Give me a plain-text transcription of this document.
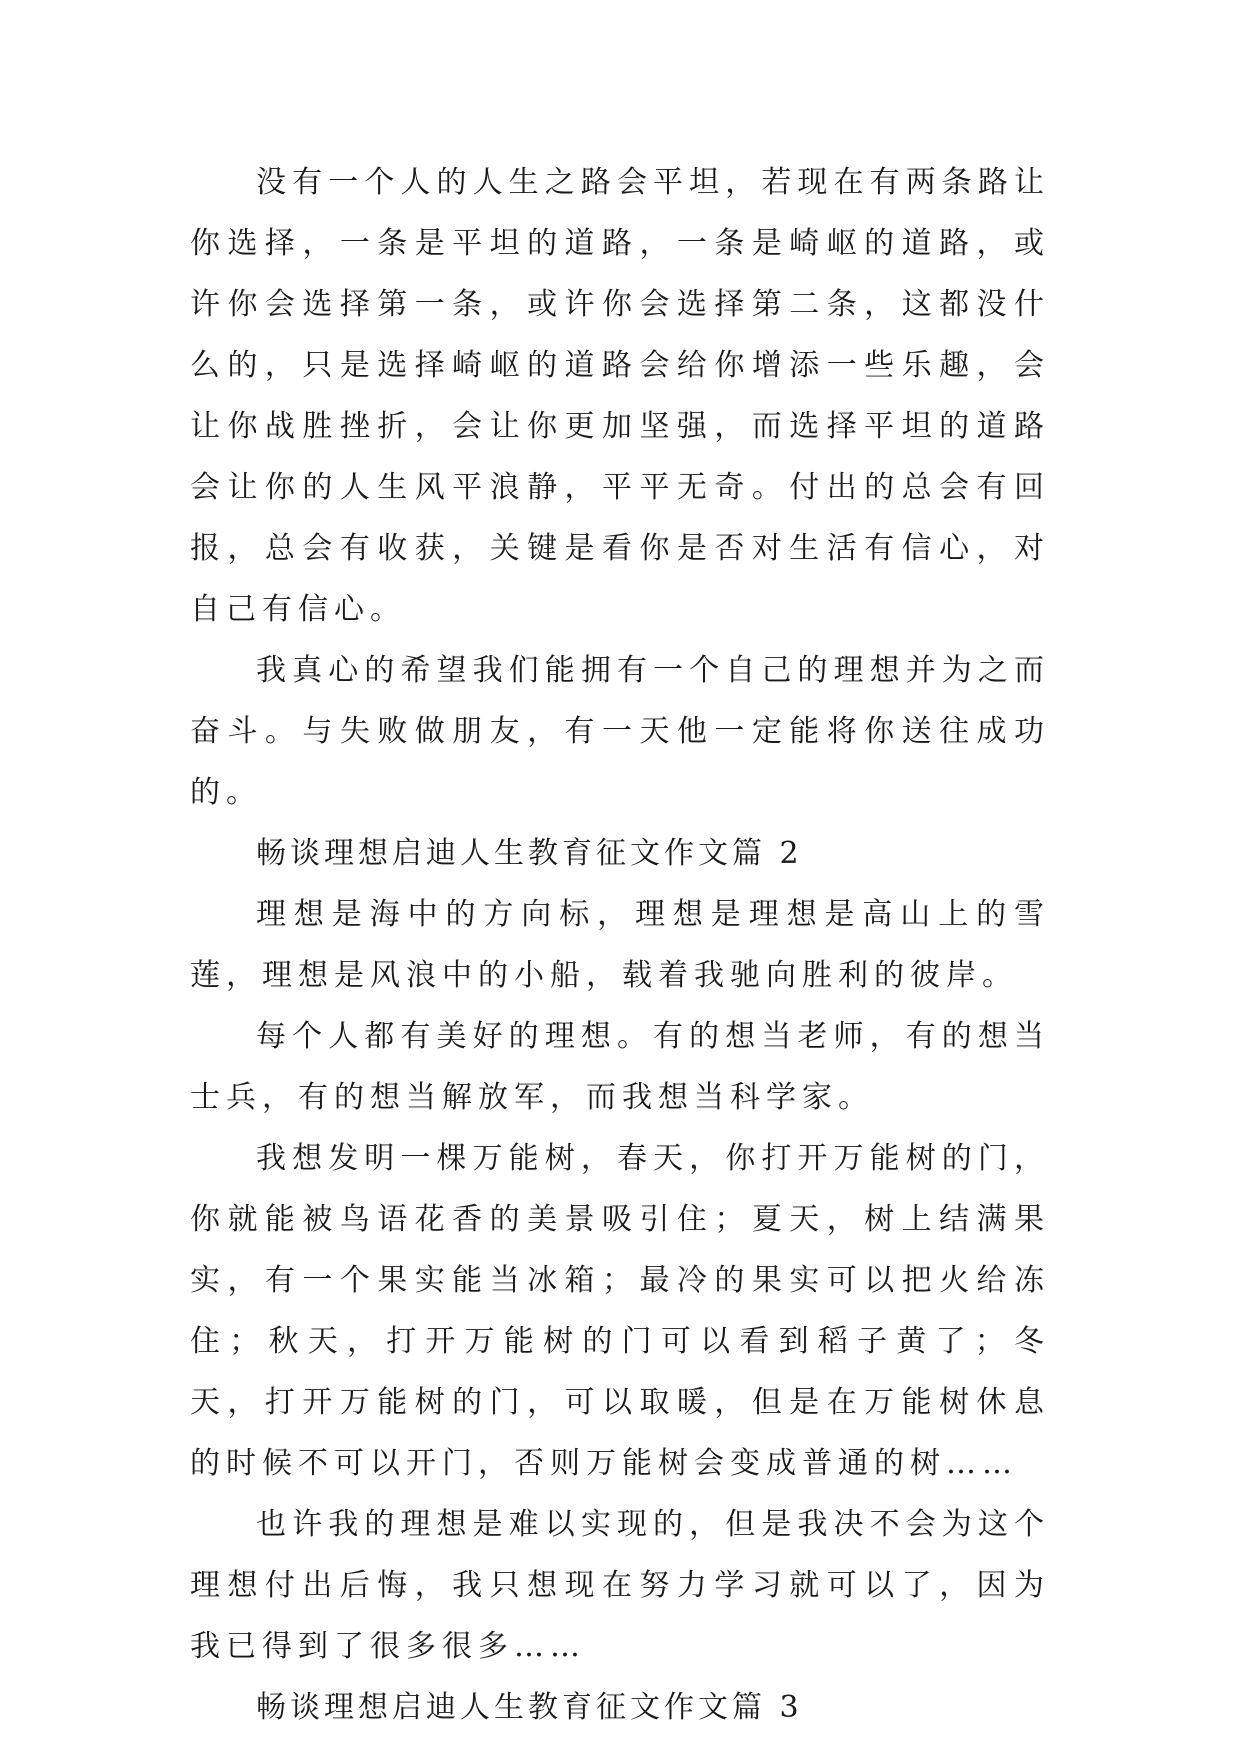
没有一个人的人生之路会平坦，若现在有两条路让你选择，一条是平坦的道路，一条是崎岖的道路，或许你会选择第一条，或许你会选择第二条，这都没什么的，只是选择崎岖的道路会给你增添一些乐趣，会让你战胜挫折，会让你更加坚强，而选择平坦的道路会让你的人生风平浪静，平平无奇。付出的总会有回报，总会有收获，关键是看你是否对生活有信心，对自己有信心。

我真心的希望我们能拥有一个自己的理想并为之而奋斗。与失败做朋友，有一天他一定能将你送往成功的。

畅谈理想启迪人生教育征文作文篇 2

理想是海中的方向标，理想是理想是高山上的雪莲，理想是风浪中的小船，载着我驰向胜利的彼岸。

每个人都有美好的理想。有的想当老师，有的想当士兵，有的想当解放军，而我想当科学家。

我想发明一棵万能树，春天，你打开万能树的门，你就能被鸟语花香的美景吸引住；夏天，树上结满果实，有一个果实能当冰箱；最冷的果实可以把火给冻住；秋天，打开万能树的门可以看到稻子黄了；冬天，打开万能树的门，可以取暖，但是在万能树休息的时候不可以开门，否则万能树会变成普通的树……

也许我的理想是难以实现的，但是我决不会为这个理想付出后悔，我只想现在努力学习就可以了，因为我已得到了很多很多……

畅谈理想启迪人生教育征文作文篇 3
